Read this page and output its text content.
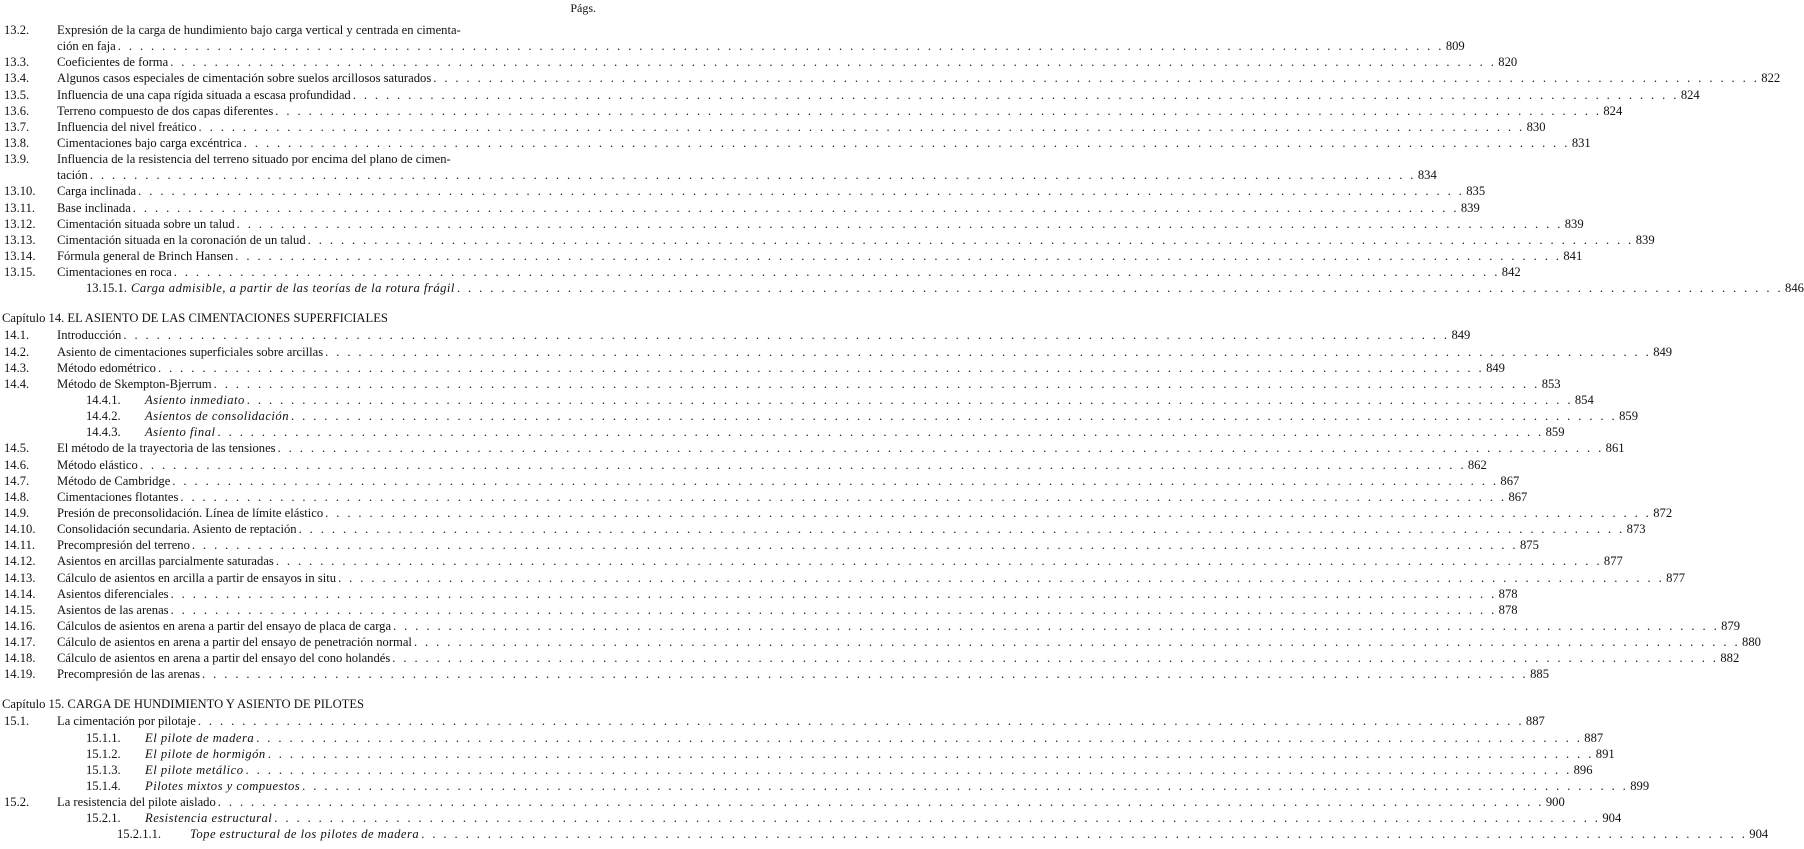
Págs.
13.2. Expresión de la carga de hundimiento bajo carga vertical y centrada en cimenta-
ción en faja . . . . . . . . . . . . . . . . . . . . . . . . . . . . . . . . . . . . . . . . . . . . . . . . . . . . . . . . . . . . . . . . . . . . . . . . . . . . . . . . . . . . . . . . . . . . . . . . . . . . . . . . . . . . . . . . . . . . . . . . 809
13.3. Coeficientes de forma . . . . . . . . . . . . . . . . . . . . . . . . . . . . . . . . . . . . . . . . . . . . . . . . . . . . . . . . . . . . . . . . . . . . . . . . . . . . . . . . . . . . . . . . . . . . . . . . . . . . . . . . . . . . . . . . . . . . . . . . 820
13.4. Algunos casos especiales de cimentación sobre suelos arcillosos saturados . . . . . . . . . . . . . . . . . . . . . . . . . . . . . . . . . . . . . . . . . . . . . . . . . . . . . . . . . . . . . . . . . . . . . . . . . . . . . . . . . . . . . . . . . . . . . . . . . . . . . . . . . . . . . . . . . . . . . . . . 822
13.5. Influencia de una capa rígida situada a escasa profundidad . . . . . . . . . . . . . . . . . . . . . . . . . . . . . . . . . . . . . . . . . . . . . . . . . . . . . . . . . . . . . . . . . . . . . . . . . . . . . . . . . . . . . . . . . . . . . . . . . . . . . . . . . . . . . . . . . . . . . . . . 824
13.6. Terreno compuesto de dos capas diferentes . . . . . . . . . . . . . . . . . . . . . . . . . . . . . . . . . . . . . . . . . . . . . . . . . . . . . . . . . . . . . . . . . . . . . . . . . . . . . . . . . . . . . . . . . . . . . . . . . . . . . . . . . . . . . . . . . . . . . . . . 824
13.7. Influencia del nivel freático . . . . . . . . . . . . . . . . . . . . . . . . . . . . . . . . . . . . . . . . . . . . . . . . . . . . . . . . . . . . . . . . . . . . . . . . . . . . . . . . . . . . . . . . . . . . . . . . . . . . . . . . . . . . . . . . . . . . . . . . 830
13.8. Cimentaciones bajo carga excéntrica . . . . . . . . . . . . . . . . . . . . . . . . . . . . . . . . . . . . . . . . . . . . . . . . . . . . . . . . . . . . . . . . . . . . . . . . . . . . . . . . . . . . . . . . . . . . . . . . . . . . . . . . . . . . . . . . . . . . . . . . 831
13.9. Influencia de la resistencia del terreno situado por encima del plano de cimen-
tación . . . . . . . . . . . . . . . . . . . . . . . . . . . . . . . . . . . . . . . . . . . . . . . . . . . . . . . . . . . . . . . . . . . . . . . . . . . . . . . . . . . . . . . . . . . . . . . . . . . . . . . . . . . . . . . . . . . . . . . . 834
13.10. Carga inclinada . . . . . . . . . . . . . . . . . . . . . . . . . . . . . . . . . . . . . . . . . . . . . . . . . . . . . . . . . . . . . . . . . . . . . . . . . . . . . . . . . . . . . . . . . . . . . . . . . . . . . . . . . . . . . . . . . . . . . . . . 835
13.11. Base inclinada . . . . . . . . . . . . . . . . . . . . . . . . . . . . . . . . . . . . . . . . . . . . . . . . . . . . . . . . . . . . . . . . . . . . . . . . . . . . . . . . . . . . . . . . . . . . . . . . . . . . . . . . . . . . . . . . . . . . . . . . 839
13.12. Cimentación situada sobre un talud . . . . . . . . . . . . . . . . . . . . . . . . . . . . . . . . . . . . . . . . . . . . . . . . . . . . . . . . . . . . . . . . . . . . . . . . . . . . . . . . . . . . . . . . . . . . . . . . . . . . . . . . . . . . . . . . . . . . . . . . 839
13.13. Cimentación situada en la coronación de un talud . . . . . . . . . . . . . . . . . . . . . . . . . . . . . . . . . . . . . . . . . . . . . . . . . . . . . . . . . . . . . . . . . . . . . . . . . . . . . . . . . . . . . . . . . . . . . . . . . . . . . . . . . . . . . . . . . . . . . . . . 839
13.14. Fórmula general de Brinch Hansen . . . . . . . . . . . . . . . . . . . . . . . . . . . . . . . . . . . . . . . . . . . . . . . . . . . . . . . . . . . . . . . . . . . . . . . . . . . . . . . . . . . . . . . . . . . . . . . . . . . . . . . . . . . . . . . . . . . . . . . . 841
13.15. Cimentaciones en roca . . . . . . . . . . . . . . . . . . . . . . . . . . . . . . . . . . . . . . . . . . . . . . . . . . . . . . . . . . . . . . . . . . . . . . . . . . . . . . . . . . . . . . . . . . . . . . . . . . . . . . . . . . . . . . . . . . . . . . . . 842
13.15.1. Carga admisible, a partir de las teorías de la rotura frágil . . . . . . . . . . . . . . . . . . . . . . . . . . . . . . . . . . . . . . . . . . . . . . . . . . . . . . . . . . . . . . . . . . . . . . . . . . . . . . . . . . . . . . . . . . . . . . . . . . . . . . . . . . . . . . . . . . . . . . . . 846
Capítulo 14. EL ASIENTO DE LAS CIMENTACIONES SUPERFICIALES
14.1. Introducción . . . . . . . . . . . . . . . . . . . . . . . . . . . . . . . . . . . . . . . . . . . . . . . . . . . . . . . . . . . . . . . . . . . . . . . . . . . . . . . . . . . . . . . . . . . . . . . . . . . . . . . . . . . . . . . . . . . . . . . . 849
14.2. Asiento de cimentaciones superficiales sobre arcillas . . . . . . . . . . . . . . . . . . . . . . . . . . . . . . . . . . . . . . . . . . . . . . . . . . . . . . . . . . . . . . . . . . . . . . . . . . . . . . . . . . . . . . . . . . . . . . . . . . . . . . . . . . . . . . . . . . . . . . . . 849
14.3. Método edométrico . . . . . . . . . . . . . . . . . . . . . . . . . . . . . . . . . . . . . . . . . . . . . . . . . . . . . . . . . . . . . . . . . . . . . . . . . . . . . . . . . . . . . . . . . . . . . . . . . . . . . . . . . . . . . . . . . . . . . . . . 849
14.4. Método de Skempton-Bjerrum . . . . . . . . . . . . . . . . . . . . . . . . . . . . . . . . . . . . . . . . . . . . . . . . . . . . . . . . . . . . . . . . . . . . . . . . . . . . . . . . . . . . . . . . . . . . . . . . . . . . . . . . . . . . . . . . . . . . . . . . 853
14.4.1. Asiento inmediato . . . . . . . . . . . . . . . . . . . . . . . . . . . . . . . . . . . . . . . . . . . . . . . . . . . . . . . . . . . . . . . . . . . . . . . . . . . . . . . . . . . . . . . . . . . . . . . . . . . . . . . . . . . . . . . . . . . . . . . . 854
14.4.2. Asientos de consolidación . . . . . . . . . . . . . . . . . . . . . . . . . . . . . . . . . . . . . . . . . . . . . . . . . . . . . . . . . . . . . . . . . . . . . . . . . . . . . . . . . . . . . . . . . . . . . . . . . . . . . . . . . . . . . . . . . . . . . . . . 859
14.4.3. Asiento final . . . . . . . . . . . . . . . . . . . . . . . . . . . . . . . . . . . . . . . . . . . . . . . . . . . . . . . . . . . . . . . . . . . . . . . . . . . . . . . . . . . . . . . . . . . . . . . . . . . . . . . . . . . . . . . . . . . . . . . . 859
14.5. El método de la trayectoria de las tensiones . . . . . . . . . . . . . . . . . . . . . . . . . . . . . . . . . . . . . . . . . . . . . . . . . . . . . . . . . . . . . . . . . . . . . . . . . . . . . . . . . . . . . . . . . . . . . . . . . . . . . . . . . . . . . . . . . . . . . . . . 861
14.6. Método elástico . . . . . . . . . . . . . . . . . . . . . . . . . . . . . . . . . . . . . . . . . . . . . . . . . . . . . . . . . . . . . . . . . . . . . . . . . . . . . . . . . . . . . . . . . . . . . . . . . . . . . . . . . . . . . . . . . . . . . . . . 862
14.7. Método de Cambridge . . . . . . . . . . . . . . . . . . . . . . . . . . . . . . . . . . . . . . . . . . . . . . . . . . . . . . . . . . . . . . . . . . . . . . . . . . . . . . . . . . . . . . . . . . . . . . . . . . . . . . . . . . . . . . . . . . . . . . . . 867
14.8. Cimentaciones flotantes . . . . . . . . . . . . . . . . . . . . . . . . . . . . . . . . . . . . . . . . . . . . . . . . . . . . . . . . . . . . . . . . . . . . . . . . . . . . . . . . . . . . . . . . . . . . . . . . . . . . . . . . . . . . . . . . . . . . . . . . 867
14.9. Presión de preconsolidación. Línea de límite elástico . . . . . . . . . . . . . . . . . . . . . . . . . . . . . . . . . . . . . . . . . . . . . . . . . . . . . . . . . . . . . . . . . . . . . . . . . . . . . . . . . . . . . . . . . . . . . . . . . . . . . . . . . . . . . . . . . . . . . . . . 872
14.10. Consolidación secundaria. Asiento de reptación . . . . . . . . . . . . . . . . . . . . . . . . . . . . . . . . . . . . . . . . . . . . . . . . . . . . . . . . . . . . . . . . . . . . . . . . . . . . . . . . . . . . . . . . . . . . . . . . . . . . . . . . . . . . . . . . . . . . . . . . 873
14.11. Precompresión del terreno . . . . . . . . . . . . . . . . . . . . . . . . . . . . . . . . . . . . . . . . . . . . . . . . . . . . . . . . . . . . . . . . . . . . . . . . . . . . . . . . . . . . . . . . . . . . . . . . . . . . . . . . . . . . . . . . . . . . . . . . 875
14.12. Asientos en arcillas parcialmente saturadas . . . . . . . . . . . . . . . . . . . . . . . . . . . . . . . . . . . . . . . . . . . . . . . . . . . . . . . . . . . . . . . . . . . . . . . . . . . . . . . . . . . . . . . . . . . . . . . . . . . . . . . . . . . . . . . . . . . . . . . . 877
14.13. Cálculo de asientos en arcilla a partir de ensayos in situ . . . . . . . . . . . . . . . . . . . . . . . . . . . . . . . . . . . . . . . . . . . . . . . . . . . . . . . . . . . . . . . . . . . . . . . . . . . . . . . . . . . . . . . . . . . . . . . . . . . . . . . . . . . . . . . . . . . . . . . . 877
14.14. Asientos diferenciales . . . . . . . . . . . . . . . . . . . . . . . . . . . . . . . . . . . . . . . . . . . . . . . . . . . . . . . . . . . . . . . . . . . . . . . . . . . . . . . . . . . . . . . . . . . . . . . . . . . . . . . . . . . . . . . . . . . . . . . . 878
14.15. Asientos de las arenas . . . . . . . . . . . . . . . . . . . . . . . . . . . . . . . . . . . . . . . . . . . . . . . . . . . . . . . . . . . . . . . . . . . . . . . . . . . . . . . . . . . . . . . . . . . . . . . . . . . . . . . . . . . . . . . . . . . . . . . . 878
14.16. Cálculos de asientos en arena a partir del ensayo de placa de carga . . . . . . . . . . . . . . . . . . . . . . . . . . . . . . . . . . . . . . . . . . . . . . . . . . . . . . . . . . . . . . . . . . . . . . . . . . . . . . . . . . . . . . . . . . . . . . . . . . . . . . . . . . . . . . . . . . . . . . . . 879
14.17. Cálculo de asientos en arena a partir del ensayo de penetración normal . . . . . . . . . . . . . . . . . . . . . . . . . . . . . . . . . . . . . . . . . . . . . . . . . . . . . . . . . . . . . . . . . . . . . . . . . . . . . . . . . . . . . . . . . . . . . . . . . . . . . . . . . . . . . . . . . . . . . . . . 880
14.18. Cálculo de asientos en arena a partir del ensayo del cono holandés . . . . . . . . . . . . . . . . . . . . . . . . . . . . . . . . . . . . . . . . . . . . . . . . . . . . . . . . . . . . . . . . . . . . . . . . . . . . . . . . . . . . . . . . . . . . . . . . . . . . . . . . . . . . . . . . . . . . . . . . 882
14.19. Precompresión de las arenas . . . . . . . . . . . . . . . . . . . . . . . . . . . . . . . . . . . . . . . . . . . . . . . . . . . . . . . . . . . . . . . . . . . . . . . . . . . . . . . . . . . . . . . . . . . . . . . . . . . . . . . . . . . . . . . . . . . . . . . . 885
Capítulo 15. CARGA DE HUNDIMIENTO Y ASIENTO DE PILOTES
15.1. La cimentación por pilotaje . . . . . . . . . . . . . . . . . . . . . . . . . . . . . . . . . . . . . . . . . . . . . . . . . . . . . . . . . . . . . . . . . . . . . . . . . . . . . . . . . . . . . . . . . . . . . . . . . . . . . . . . . . . . . . . . . . . . . . . . 887
15.1.1. El pilote de madera . . . . . . . . . . . . . . . . . . . . . . . . . . . . . . . . . . . . . . . . . . . . . . . . . . . . . . . . . . . . . . . . . . . . . . . . . . . . . . . . . . . . . . . . . . . . . . . . . . . . . . . . . . . . . . . . . . . . . . . . 887
15.1.2. El pilote de hormigón . . . . . . . . . . . . . . . . . . . . . . . . . . . . . . . . . . . . . . . . . . . . . . . . . . . . . . . . . . . . . . . . . . . . . . . . . . . . . . . . . . . . . . . . . . . . . . . . . . . . . . . . . . . . . . . . . . . . . . . . 891
15.1.3. El pilote metálico . . . . . . . . . . . . . . . . . . . . . . . . . . . . . . . . . . . . . . . . . . . . . . . . . . . . . . . . . . . . . . . . . . . . . . . . . . . . . . . . . . . . . . . . . . . . . . . . . . . . . . . . . . . . . . . . . . . . . . . . 896
15.1.4. Pilotes mixtos y compuestos . . . . . . . . . . . . . . . . . . . . . . . . . . . . . . . . . . . . . . . . . . . . . . . . . . . . . . . . . . . . . . . . . . . . . . . . . . . . . . . . . . . . . . . . . . . . . . . . . . . . . . . . . . . . . . . . . . . . . . . . 899
15.2. La resistencia del pilote aislado . . . . . . . . . . . . . . . . . . . . . . . . . . . . . . . . . . . . . . . . . . . . . . . . . . . . . . . . . . . . . . . . . . . . . . . . . . . . . . . . . . . . . . . . . . . . . . . . . . . . . . . . . . . . . . . . . . . . . . . . 900
15.2.1. Resistencia estructural . . . . . . . . . . . . . . . . . . . . . . . . . . . . . . . . . . . . . . . . . . . . . . . . . . . . . . . . . . . . . . . . . . . . . . . . . . . . . . . . . . . . . . . . . . . . . . . . . . . . . . . . . . . . . . . . . . . . . . . . 904
15.2.1.1. Tope estructural de los pilotes de madera . . . . . . . . . . . . . . . . . . . . . . . . . . . . . . . . . . . . . . . . . . . . . . . . . . . . . . . . . . . . . . . . . . . . . . . . . . . . . . . . . . . . . . . . . . . . . . . . . . . . . . . . . . . . . . . . . . . . . . . . 904
